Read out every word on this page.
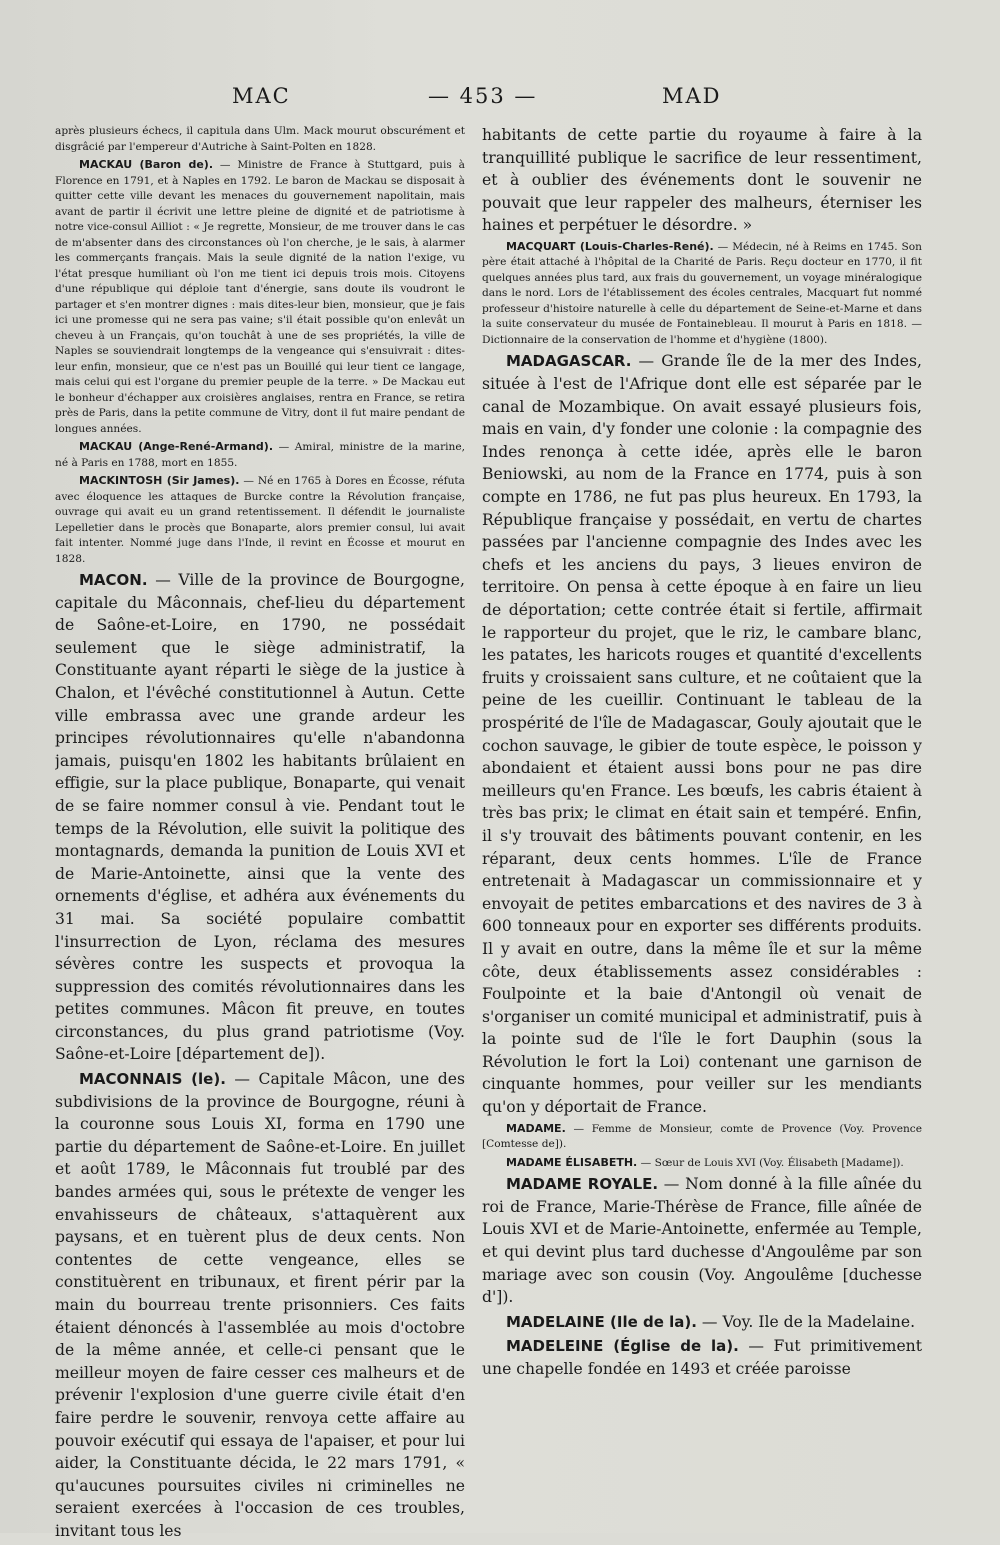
MAC	— 453 —	MAD

après plusieurs échecs, il capitula dans Ulm. Mack mourut obscurément et disgrâcié par l'empereur d'Autriche à Saint-Polten en 1828.

MACKAU (Baron de). — Ministre de France à Stuttgard, puis à Florence en 1791, et à Naples en 1792. Le baron de Mackau se disposait à quitter cette ville devant les menaces du gouvernement napolitain, mais avant de partir il écrivit une lettre pleine de dignité et de patriotisme à notre vice-consul Ailliot : « Je regrette, Monsieur, de me trouver dans le cas de m'absenter dans des circonstances où l'on cherche, je le sais, à alarmer les commerçants français. Mais la seule dignité de la nation l'exige, vu l'état presque humiliant où l'on me tient ici depuis trois mois. Citoyens d'une république qui déploie tant d'énergie, sans doute ils voudront le partager et s'en montrer dignes : mais dites-leur bien, monsieur, que je fais ici une promesse qui ne sera pas vaine; s'il était possible qu'on enlevât un cheveu à un Français, qu'on touchât à une de ses propriétés, la ville de Naples se souviendrait longtemps de la vengeance qui s'ensuivrait : dites-leur enfin, monsieur, que ce n'est pas un Bouillé qui leur tient ce langage, mais celui qui est l'organe du premier peuple de la terre. » De Mackau eut le bonheur d'échapper aux croisières anglaises, rentra en France, se retira près de Paris, dans la petite commune de Vitry, dont il fut maire pendant de longues années.

MACKAU (Ange-René-Armand). — Amiral, ministre de la marine, né à Paris en 1788, mort en 1855.

MACKINTOSH (Sir James). — Né en 1765 à Dores en Écosse, réfuta avec éloquence les attaques de Burcke contre la Révolution française, ouvrage qui avait eu un grand retentissement. Il défendit le journaliste Lepelletier dans le procès que Bonaparte, alors premier consul, lui avait fait intenter. Nommé juge dans l'Inde, il revint en Écosse et mourut en 1828.

MACON. — Ville de la province de Bourgogne, capitale du Mâconnais, chef-lieu du département de Saône-et-Loire, en 1790, ne possédait seulement que le siège administratif, la Constituante ayant réparti le siège de la justice à Chalon, et l'évêché constitutionnel à Autun. Cette ville embrassa avec une grande ardeur les principes révolutionnaires qu'elle n'abandonna jamais, puisqu'en 1802 les habitants brûlaient en effigie, sur la place publique, Bonaparte, qui venait de se faire nommer consul à vie. Pendant tout le temps de la Révolution, elle suivit la politique des montagnards, demanda la punition de Louis XVI et de Marie-Antoinette, ainsi que la vente des ornements d'église, et adhéra aux événements du 31 mai. Sa société populaire combattit l'insurrection de Lyon, réclama des mesures sévères contre les suspects et provoqua la suppression des comités révolutionnaires dans les petites communes. Mâcon fit preuve, en toutes circonstances, du plus grand patriotisme (Voy. Saône-et-Loire [département de]).

MACONNAIS (le). — Capitale Mâcon, une des subdivisions de la province de Bourgogne, réuni à la couronne sous Louis XI, forma en 1790 une partie du département de Saône-et-Loire. En juillet et août 1789, le Mâconnais fut troublé par des bandes armées qui, sous le prétexte de venger les envahisseurs de châteaux, s'attaquèrent aux paysans, et en tuèrent plus de deux cents. Non contentes de cette vengeance, elles se constituèrent en tribunaux, et firent périr par la main du bourreau trente prisonniers. Ces faits étaient dénoncés à l'assemblée au mois d'octobre de la même année, et celle-ci pensant que le meilleur moyen de faire cesser ces malheurs et de prévenir l'explosion d'une guerre civile était d'en faire perdre le souvenir, renvoya cette affaire au pouvoir exécutif qui essaya de l'apaiser, et pour lui aider, la Constituante décida, le 22 mars 1791, « qu'aucunes poursuites civiles ni criminelles ne seraient exercées à l'occasion de ces troubles, invitant tous les

habitants de cette partie du royaume à faire à la tranquillité publique le sacrifice de leur ressentiment, et à oublier des événements dont le souvenir ne pouvait que leur rappeler des malheurs, éterniser les haines et perpétuer le désordre. »

MACQUART (Louis-Charles-René). — Médecin, né à Reims en 1745. Son père était attaché à l'hôpital de la Charité de Paris. Reçu docteur en 1770, il fit quelques années plus tard, aux frais du gouvernement, un voyage minéralogique dans le nord. Lors de l'établissement des écoles centrales, Macquart fut nommé professeur d'histoire naturelle à celle du département de Seine-et-Marne et dans la suite conservateur du musée de Fontainebleau. Il mourut à Paris en 1818. — Dictionnaire de la conservation de l'homme et d'hygiène (1800).

MADAGASCAR. — Grande île de la mer des Indes, située à l'est de l'Afrique dont elle est séparée par le canal de Mozambique. On avait essayé plusieurs fois, mais en vain, d'y fonder une colonie : la compagnie des Indes renonça à cette idée, après elle le baron Beniowski, au nom de la France en 1774, puis à son compte en 1786, ne fut pas plus heureux. En 1793, la République française y possédait, en vertu de chartes passées par l'ancienne compagnie des Indes avec les chefs et les anciens du pays, 3 lieues environ de territoire. On pensa à cette époque à en faire un lieu de déportation; cette contrée était si fertile, affirmait le rapporteur du projet, que le riz, le cambare blanc, les patates, les haricots rouges et quantité d'excellents fruits y croissaient sans culture, et ne coûtaient que la peine de les cueillir. Continuant le tableau de la prospérité de l'île de Madagascar, Gouly ajoutait que le cochon sauvage, le gibier de toute espèce, le poisson y abondaient et étaient aussi bons pour ne pas dire meilleurs qu'en France. Les bœufs, les cabris étaient à très bas prix; le climat en était sain et tempéré. Enfin, il s'y trouvait des bâtiments pouvant contenir, en les réparant, deux cents hommes. L'île de France entretenait à Madagascar un commissionnaire et y envoyait de petites embarcations et des navires de 3 à 600 tonneaux pour en exporter ses différents produits. Il y avait en outre, dans la même île et sur la même côte, deux établissements assez considérables : Foulpointe et la baie d'Antongil où venait de s'organiser un comité municipal et administratif, puis à la pointe sud de l'île le fort Dauphin (sous la Révolution le fort la Loi) contenant une garnison de cinquante hommes, pour veiller sur les mendiants qu'on y déportait de France.

MADAME. — Femme de Monsieur, comte de Provence (Voy. Provence [Comtesse de]).

MADAME ÉLISABETH. — Sœur de Louis XVI (Voy. Élisabeth [Madame]).

MADAME ROYALE. — Nom donné à la fille aînée du roi de France, Marie-Thérèse de France, fille aînée de Louis XVI et de Marie-Antoinette, enfermée au Temple, et qui devint plus tard duchesse d'Angoulême par son mariage avec son cousin (Voy. Angoulême [duchesse d']).

MADELAINE (Ile de la). — Voy. Ile de la Madelaine.

MADELEINE (Église de la). — Fut primitivement une chapelle fondée en 1493 et créée paroisse
